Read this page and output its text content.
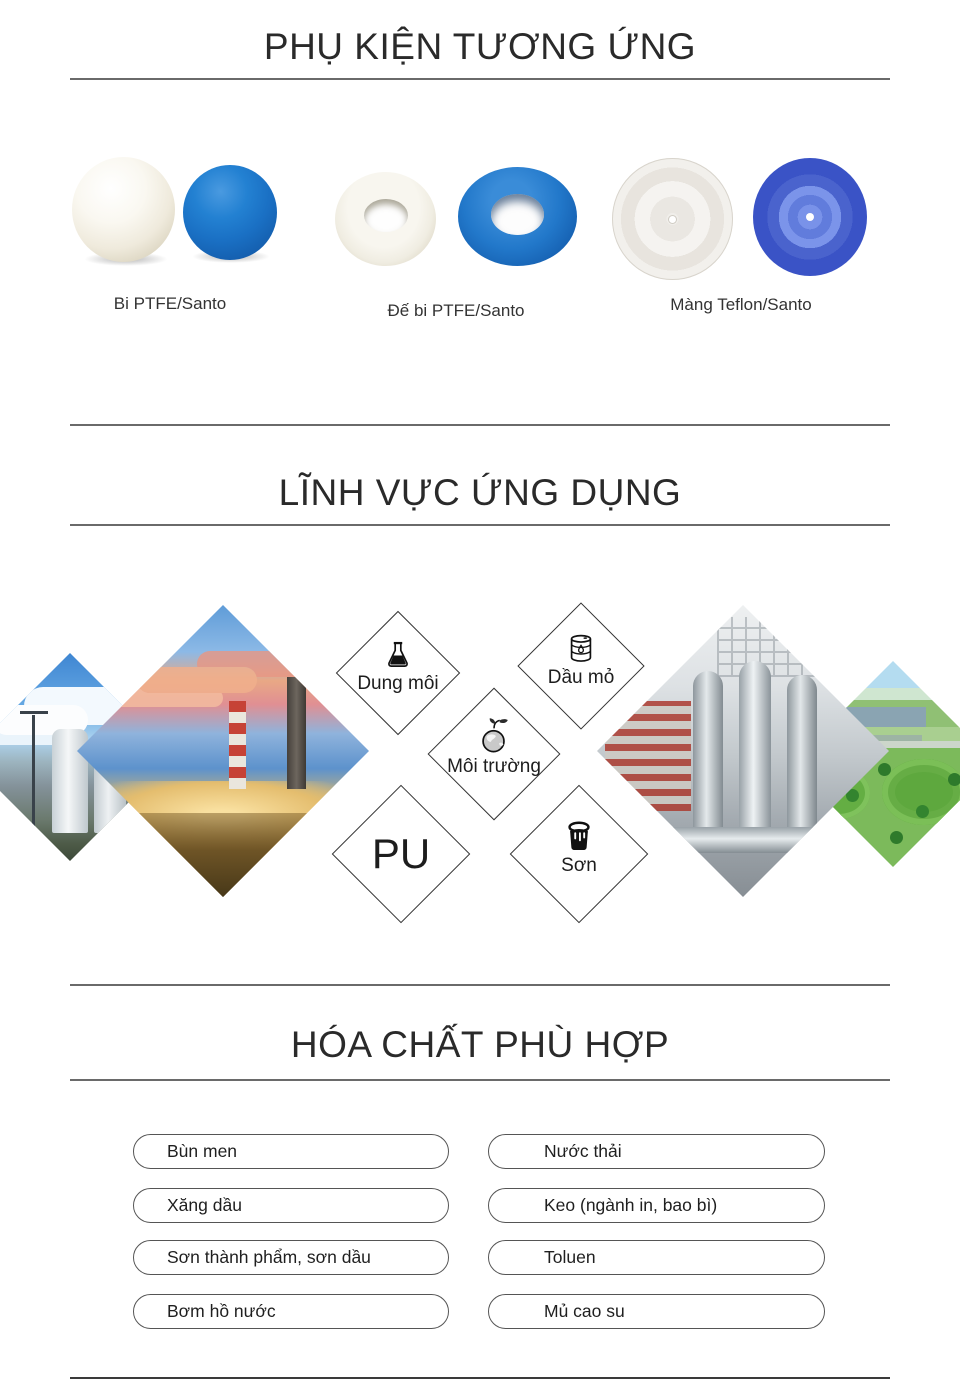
PHỤ KIỆN TƯƠNG ỨNG
Bi PTFE/Santo	Đế bi PTFE/Santo	Màng Teflon/Santo
LĨNH VỰC ỨNG DỤNG
Dung môi	Dầu mỏ
Môi trường
PU	Sơn
HÓA CHẤT PHÙ HỢP
Bùn men	Nước thải
Xăng dầu	Keo (ngành in, bao bì)
Sơn thành phẩm, sơn dầu	Toluen
Bơm hồ nước	Mủ cao su
